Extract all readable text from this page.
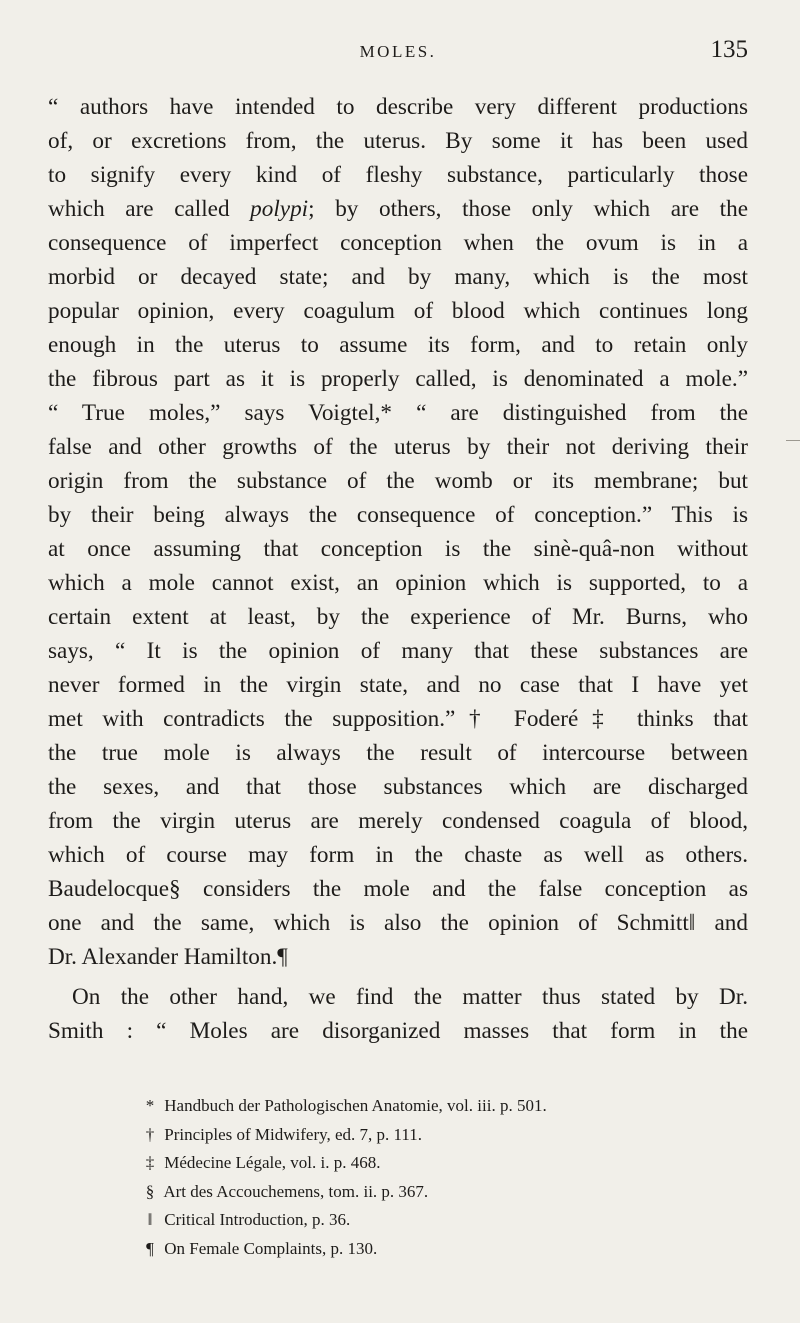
MOLES.	135
“ authors have intended to describe very different productions
of, or excretions from, the uterus. By some it has been used
to signify every kind of fleshy substance, particularly those
which are called polypi; by others, those only which are the
consequence of imperfect conception when the ovum is in a
morbid or decayed state; and by many, which is the most
popular opinion, every coagulum of blood which continues long
enough in the uterus to assume its form, and to retain only
the fibrous part as it is properly called, is denominated a mole.”
“ True moles,” says Voigtel,* “ are distinguished from the
false and other growths of the uterus by their not deriving their
origin from the substance of the womb or its membrane; but
by their being always the consequence of conception.” This is
at once assuming that conception is the sinè-quâ-non without
which a mole cannot exist, an opinion which is supported, to a
certain extent at least, by the experience of Mr. Burns, who
says, “ It is the opinion of many that these substances are
never formed in the virgin state, and no case that I have yet
met with contradicts the supposition.”† Foderé‡ thinks that
the true mole is always the result of intercourse between
the sexes, and that those substances which are discharged
from the virgin uterus are merely condensed coagula of blood,
which of course may form in the chaste as well as others.
Baudelocque§ considers the mole and the false conception as
one and the same, which is also the opinion of Schmitt‖ and
Dr. Alexander Hamilton.¶
On the other hand, we find the matter thus stated by Dr.
Smith : “ Moles are disorganized masses that form in the
* Handbuch der Pathologischen Anatomie, vol. iii. p. 501.
† Principles of Midwifery, ed. 7, p. 111.
‡ Médecine Légale, vol. i. p. 468.
§ Art des Accouchemens, tom. ii. p. 367.
‖ Critical Introduction, p. 36.
¶ On Female Complaints, p. 130.
